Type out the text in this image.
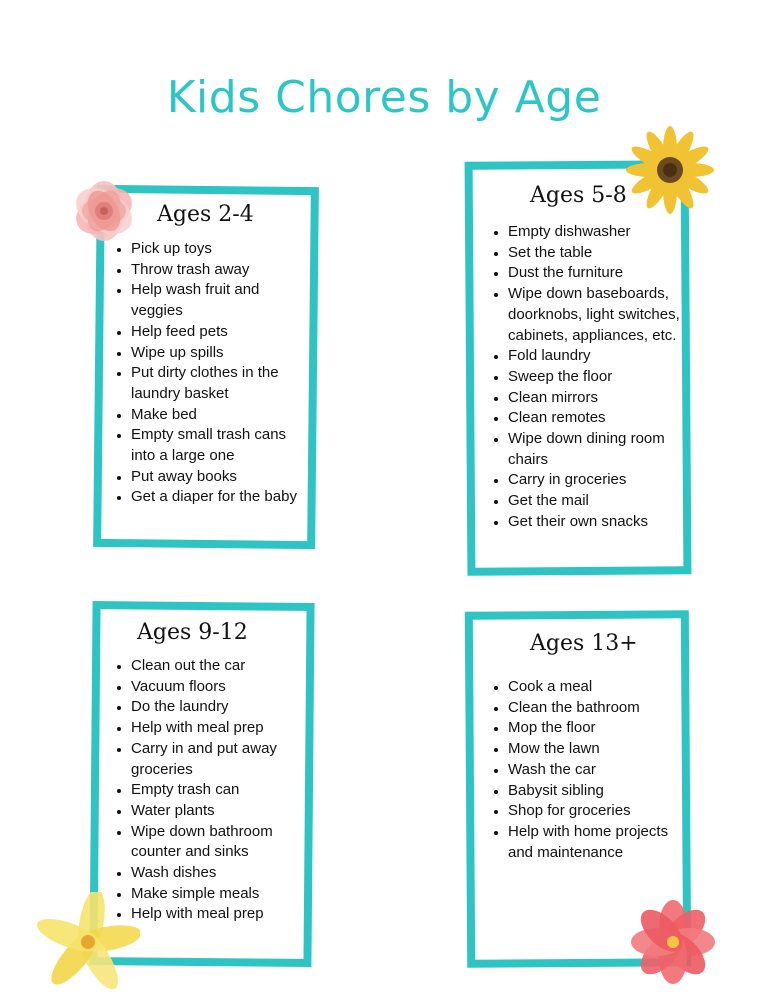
Kids Chores by Age
Ages 2-4
• Pick up toys
• Throw trash away
• Help wash fruit and veggies
• Help feed pets
• Wipe up spills
• Put dirty clothes in the laundry basket
• Make bed
• Empty small trash cans into a large one
• Put away books
• Get a diaper for the baby
Ages 5-8
• Empty dishwasher
• Set the table
• Dust the furniture
• Wipe down baseboards, doorknobs, light switches, cabinets, appliances, etc.
• Fold laundry
• Sweep the floor
• Clean mirrors
• Clean remotes
• Wipe down dining room chairs
• Carry in groceries
• Get the mail
• Get their own snacks
Ages 9-12
• Clean out the car
• Vacuum floors
• Do the laundry
• Help with meal prep
• Carry in and put away groceries
• Empty trash can
• Water plants
• Wipe down bathroom counter and sinks
• Wash dishes
• Make simple meals
• Help with meal prep
Ages 13+
• Cook a meal
• Clean the bathroom
• Mop the floor
• Mow the lawn
• Wash the car
• Babysit sibling
• Shop for groceries
• Help with home projects and maintenance
